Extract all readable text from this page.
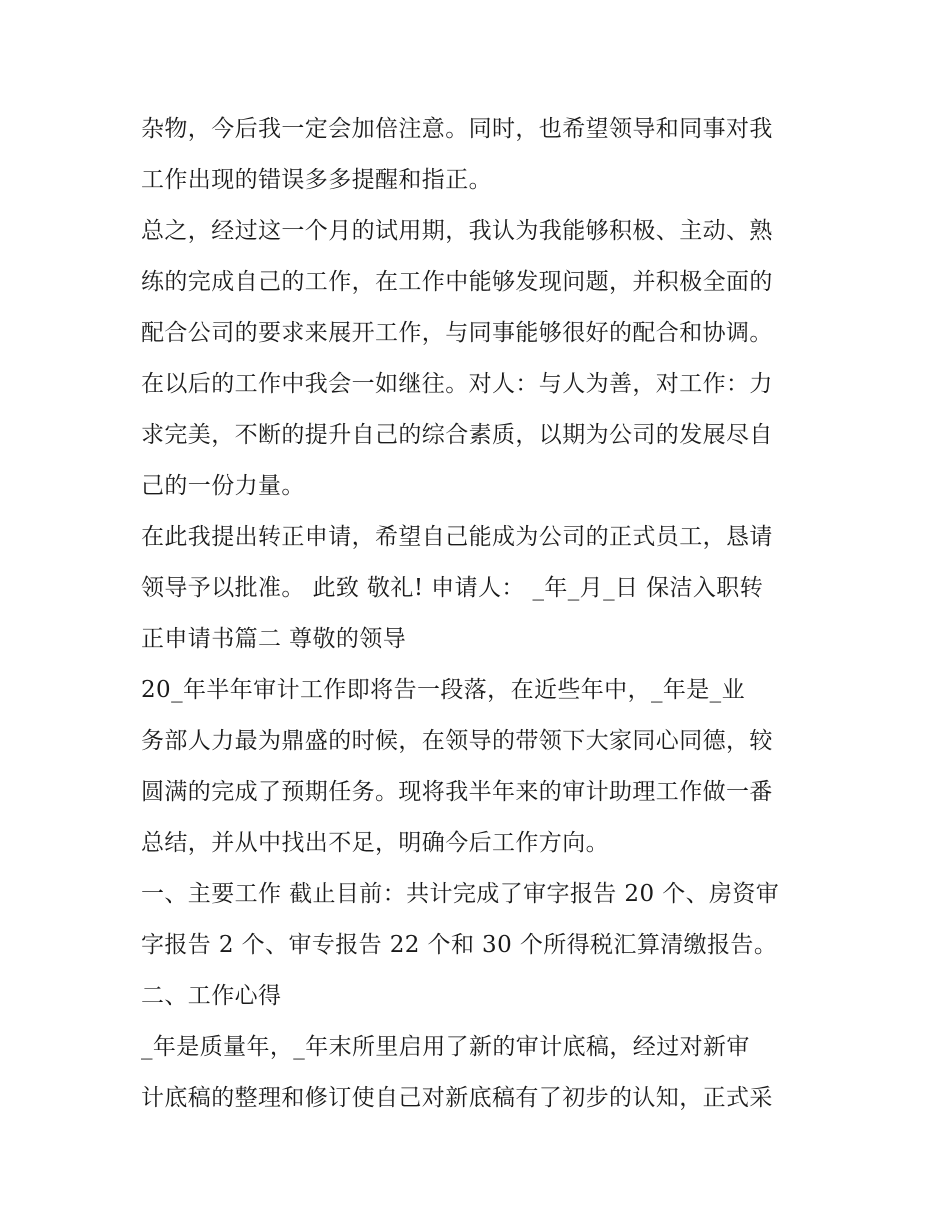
杂物，今后我一定会加倍注意。同时，也希望领导和同事对我
工作出现的错误多多提醒和指正。
总之，经过这一个月的试用期，我认为我能够积极、主动、熟
练的完成自己的工作，在工作中能够发现问题，并积极全面的
配合公司的要求来展开工作，与同事能够很好的配合和协调。
在以后的工作中我会一如继往。对人：与人为善，对工作：力
求完美，不断的提升自己的综合素质，以期为公司的发展尽自
己的一份力量。
在此我提出转正申请，希望自己能成为公司的正式员工，恳请
领导予以批准。 此致 敬礼! 申请人： _年_月_日 保洁入职转
正申请书篇二 尊敬的领导
20_年半年审计工作即将告一段落，在近些年中，_年是_业
务部人力最为鼎盛的时候，在领导的带领下大家同心同德，较
圆满的完成了预期任务。现将我半年来的审计助理工作做一番
总结，并从中找出不足，明确今后工作方向。
一、主要工作 截止目前：共计完成了审字报告 20 个、房资审
字报告 2 个、审专报告 22 个和 30 个所得税汇算清缴报告。
二、工作心得
_年是质量年，_年末所里启用了新的审计底稿，经过对新审
计底稿的整理和修订使自己对新底稿有了初步的认知，正式采
